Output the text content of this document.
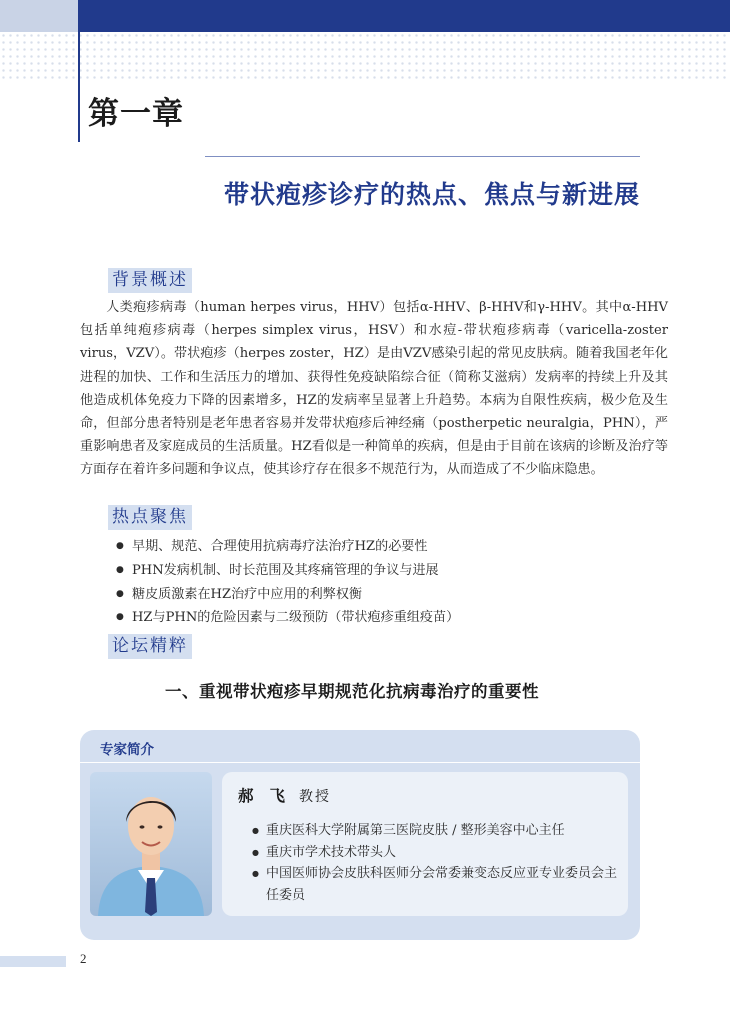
第一章
带状疱疹诊疗的热点、焦点与新进展
背景概述

人类疱疹病毒（human herpes virus，HHV）包括α-HHV、β-HHV和γ-HHV。其中α-HHV包括单纯疱疹病毒（herpes simplex virus，HSV）和水痘-带状疱疹病毒（varicella-zoster virus，VZV）。带状疱疹（herpes zoster，HZ）是由VZV感染引起的常见皮肤病。随着我国老年化进程的加快、工作和生活压力的增加、获得性免疫缺陷综合征（简称艾滋病）发病率的持续上升及其他造成机体免疫力下降的因素增多，HZ的发病率呈显著上升趋势。本病为自限性疾病，极少危及生命，但部分患者特别是老年患者容易并发带状疱疹后神经痛（postherpetic neuralgia，PHN），严重影响患者及家庭成员的生活质量。HZ看似是一种简单的疾病，但是由于目前在该病的诊断及治疗等方面存在着许多问题和争议点，使其诊疗存在很多不规范行为，从而造成了不少临床隐患。

热点聚焦
● 早期、规范、合理使用抗病毒疗法治疗HZ的必要性
● PHN发病机制、时长范围及其疼痛管理的争议与进展
● 糖皮质激素在HZ治疗中应用的利弊权衡
● HZ与PHN的危险因素与二级预防（带状疱疹重组疫苗）
论坛精粹
一、重视带状疱疹早期规范化抗病毒治疗的重要性
专家简介
郝 飞 教授
● 重庆医科大学附属第三医院皮肤 / 整形美容中心主任
● 重庆市学术技术带头人
● 中国医师协会皮肤科医师分会常委兼变态反应亚专业委员会主任委员
2
